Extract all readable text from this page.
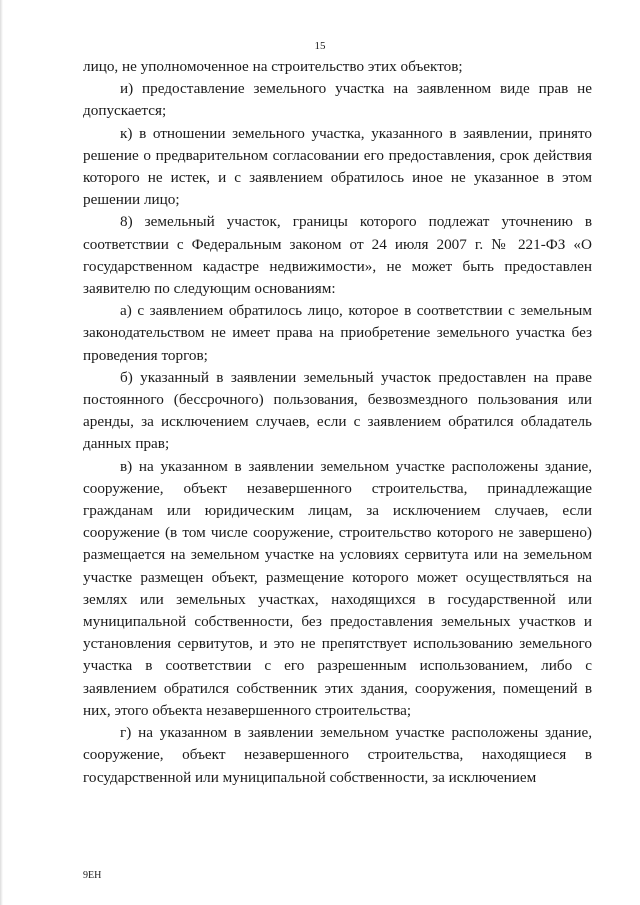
15

лицо, не уполномоченное на строительство этих объектов;

и) предоставление земельного участка на заявленном виде прав не допускается;

к) в отношении земельного участка, указанного в заявлении, принято решение о предварительном согласовании его предоставления, срок действия которого не истек, и с заявлением обратилось иное не указанное в этом решении лицо;

8) земельный участок, границы которого подлежат уточнению в соответствии с Федеральным законом от 24 июля 2007 г. № 221-ФЗ «О государственном кадастре недвижимости», не может быть предоставлен заявителю по следующим основаниям:

а) с заявлением обратилось лицо, которое в соответствии с земельным законодательством не имеет права на приобретение земельного участка без проведения торгов;

б) указанный в заявлении земельный участок предоставлен на праве постоянного (бессрочного) пользования, безвозмездного пользования или аренды, за исключением случаев, если с заявлением обратился обладатель данных прав;

в) на указанном в заявлении земельном участке расположены здание, сооружение, объект незавершенного строительства, принадлежащие гражданам или юридическим лицам, за исключением случаев, если сооружение (в том числе сооружение, строительство которого не завершено) размещается на земельном участке на условиях сервитута или на земельном участке размещен объект, размещение которого может осуществляться на землях или земельных участках, находящихся в государственной или муниципальной собственности, без предоставления земельных участков и установления сервитутов, и это не препятствует использованию земельного участка в соответствии с его разрешенным использованием, либо с заявлением обратился собственник этих здания, сооружения, помещений в них, этого объекта незавершенного строительства;

г) на указанном в заявлении земельном участке расположены здание, сооружение, объект незавершенного строительства, находящиеся в государственной или муниципальной собственности, за исключением

9ЕН
